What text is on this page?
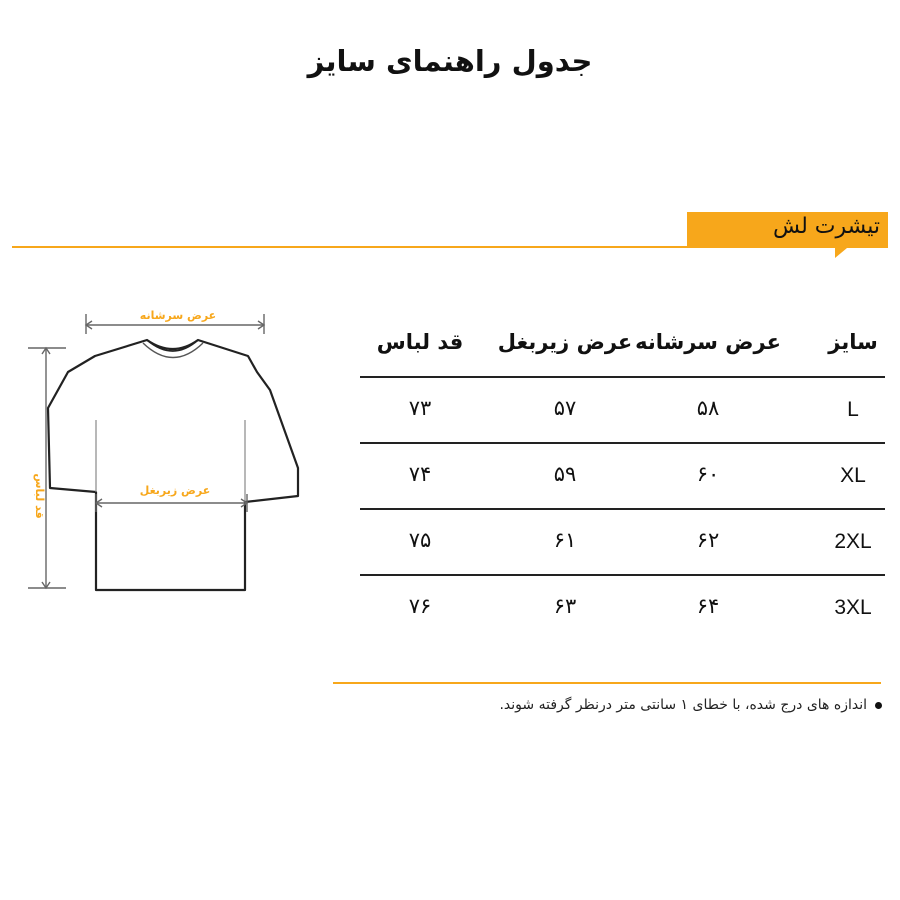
جدول راهنمای سایز
تیشرت لش
عرض سرشانه
عرض زیربغل
قد لباس
سایز
عرض سرشانه
عرض زیربغل
قد لباس
L
۵۸
۵۷
۷۳
XL
۶۰
۵۹
۷۴
2XL
۶۲
۶۱
۷۵
3XL
۶۴
۶۳
۷۶
اندازه های درج شده، با خطای ۱ سانتی متر درنظر گرفته شوند.
